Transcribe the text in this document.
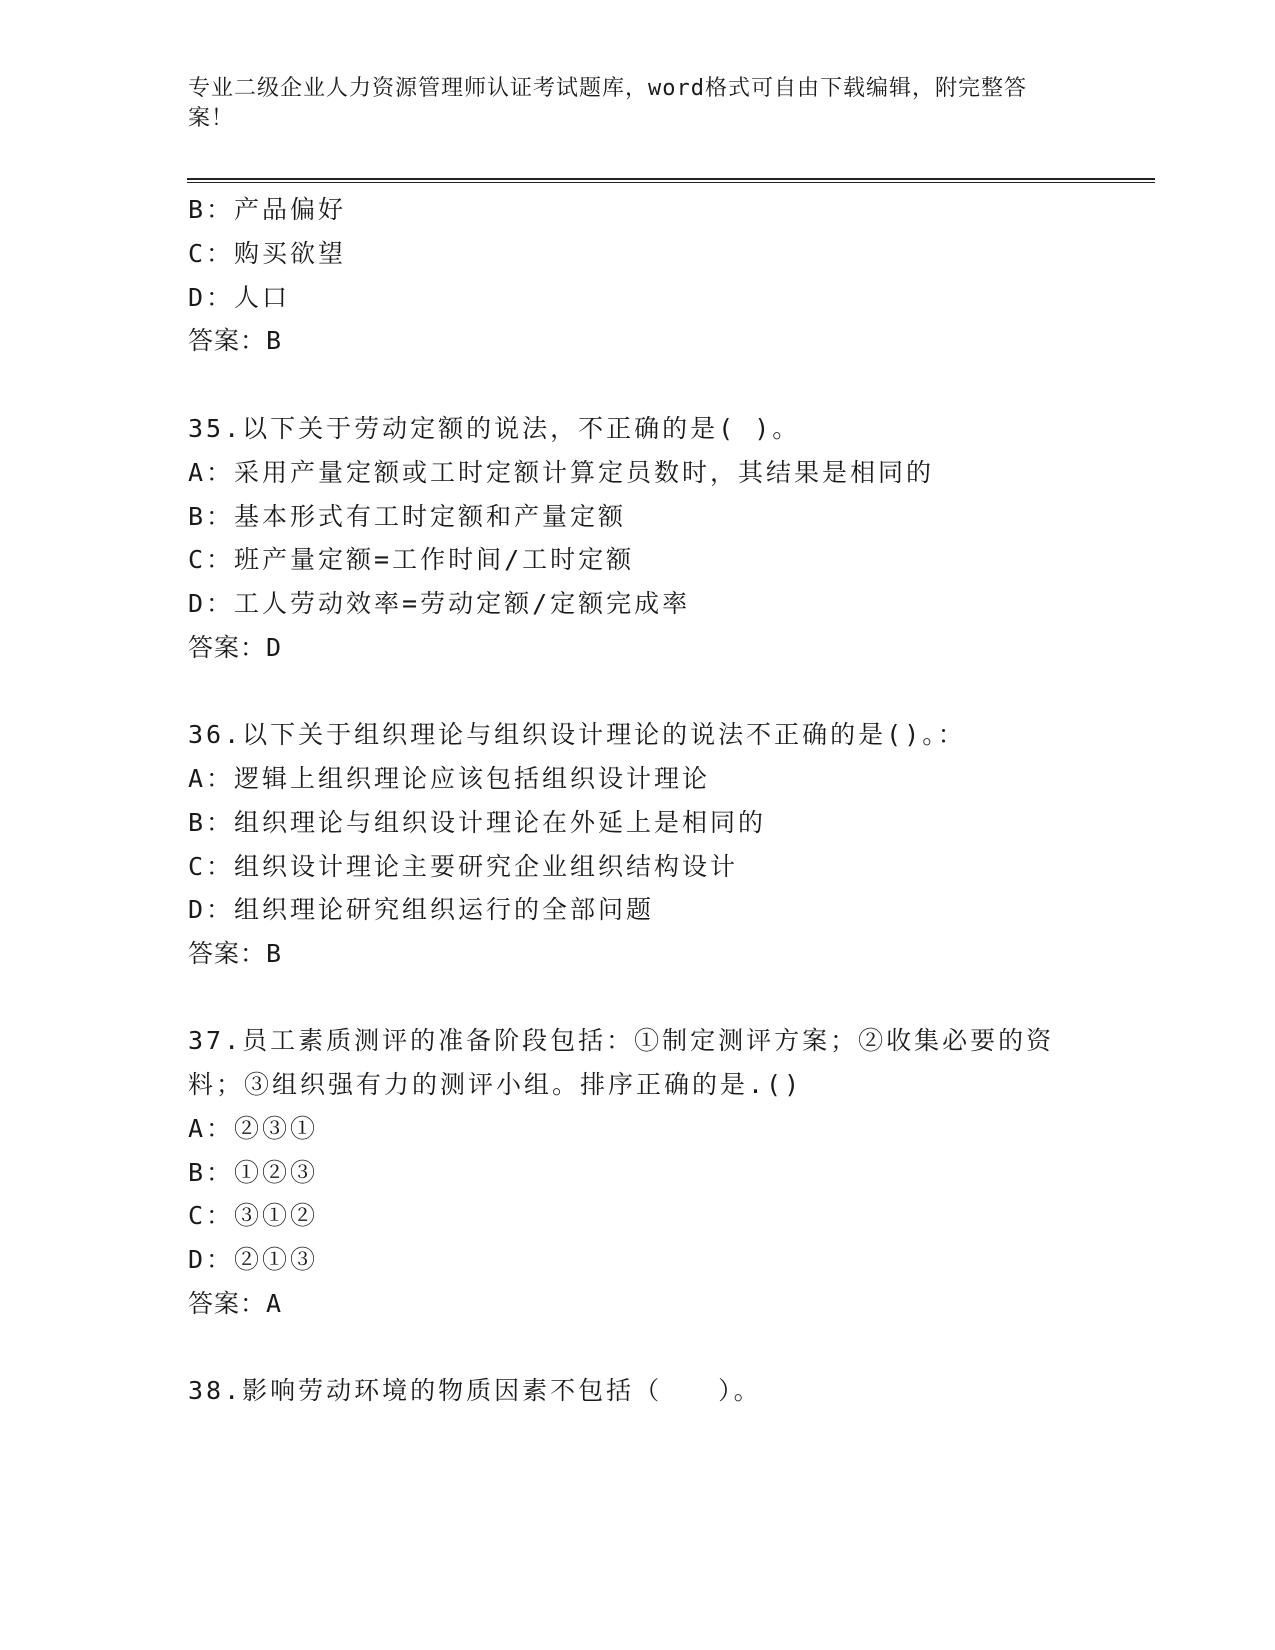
专业二级企业人力资源管理师认证考试题库，word格式可自由下载编辑，附完整答案！
B：产品偏好
C：购买欲望
D：人口
答案：B
35.以下关于劳动定额的说法，不正确的是( )。
A：采用产量定额或工时定额计算定员数时，其结果是相同的
B：基本形式有工时定额和产量定额
C：班产量定额=工作时间/工时定额
D：工人劳动效率=劳动定额/定额完成率
答案：D
36.以下关于组织理论与组织设计理论的说法不正确的是()。：
A：逻辑上组织理论应该包括组织设计理论
B：组织理论与组织设计理论在外延上是相同的
C：组织设计理论主要研究企业组织结构设计
D：组织理论研究组织运行的全部问题
答案：B
37.员工素质测评的准备阶段包括：①制定测评方案；②收集必要的资
料；③组织强有力的测评小组。排序正确的是.()
A：②③①
B：①②③
C：③①②
D：②①③
答案：A
38.影响劳动环境的物质因素不包括（　　）。
